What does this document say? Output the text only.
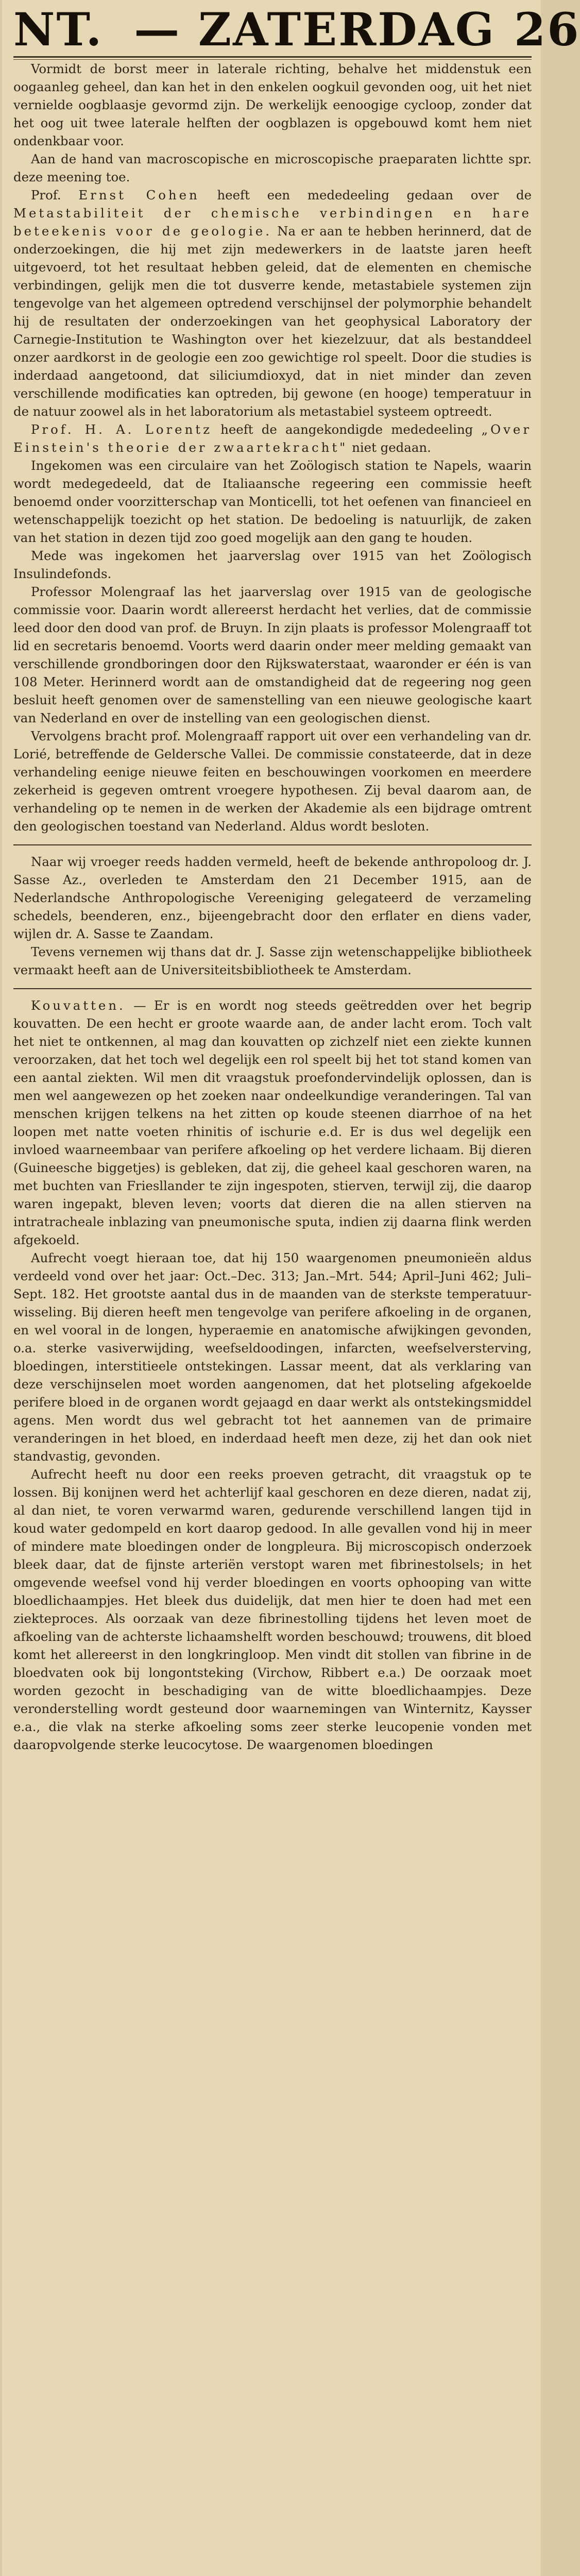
NT. — ZATERDAG 26

Vormidt de borst meer in laterale richting, behalve het middenstuk een oogaanleg geheel, dan kan het in den enkelen oogkuil gevonden oog, uit het niet vernielde oogblaasje gevormd zijn. De werkelijk eenoogige cycloop, zonder dat het oog uit twee laterale helften der oogblazen is opgebouwd komt hem niet ondenkbaar voor.

Aan de hand van macroscopische en microscopische praeparaten lichtte spr. deze meening toe.

Prof. Ernst Cohen heeft een mededeeling gedaan over de Metastabiliteit der chemische verbindingen en hare beteekenis voor de geologie. Na er aan te hebben herinnerd, dat de onderzoekingen, die hij met zijn medewerkers in de laatste jaren heeft uitgevoerd, tot het resultaat hebben geleid, dat de elementen en chemische verbindingen, gelijk men die tot dusverre kende, metastabiele systemen zijn tengevolge van het algemeen optredend verschijnsel der polymorphie behandelt hij de resultaten der onderzoekingen van het geophysical Laboratory der Carnegie-Institution te Washington over het kiezelzuur, dat als bestanddeel onzer aardkorst in de geologie een zoo gewichtige rol speelt. Door die studies is inderdaad aangetoond, dat siliciumdioxyd, dat in niet minder dan zeven verschillende modificaties kan optreden, bij gewone (en hooge) temperatuur in de natuur zoowel als in het laboratorium als metastabiel systeem optreedt.

Prof. H. A. Lorentz heeft de aangekondigde mededeeling „Over Einstein's theorie der zwaartekracht" niet gedaan.

Ingekomen was een circulaire van het Zoölogisch station te Napels, waarin wordt medegedeeld, dat de Italiaansche regeering een commissie heeft benoemd onder voorzitterschap van Monticelli, tot het oefenen van financieel en wetenschappelijk toezicht op het station. De bedoeling is natuurlijk, de zaken van het station in dezen tijd zoo goed mogelijk aan den gang te houden.

Mede was ingekomen het jaarverslag over 1915 van het Zoölogisch Insulindefonds.

Professor Molengraaf las het jaarverslag over 1915 van de geologische commissie voor. Daarin wordt allereerst herdacht het verlies, dat de commissie leed door den dood van prof. de Bruyn. In zijn plaats is professor Molengraaff tot lid en secretaris benoemd. Voorts werd daarin onder meer melding gemaakt van verschillende grondboringen door den Rijkswaterstaat, waaronder er één is van 108 Meter. Herinnerd wordt aan de omstandigheid dat de regeering nog geen besluit heeft genomen over de samenstelling van een nieuwe geologische kaart van Nederland en over de instelling van een geologischen dienst.

Vervolgens bracht prof. Molengraaff rapport uit over een verhandeling van dr. Lorié, betreffende de Geldersche Vallei. De commissie constateerde, dat in deze verhandeling eenige nieuwe feiten en beschouwingen voorkomen en meerdere zekerheid is gegeven omtrent vroegere hypothesen. Zij beval daarom aan, de verhandeling op te nemen in de werken der Akademie als een bijdrage omtrent den geologischen toestand van Nederland. Aldus wordt besloten.

Naar wij vroeger reeds hadden vermeld, heeft de bekende anthropoloog dr. J. Sasse Az., overleden te Amsterdam den 21 December 1915, aan de Nederlandsche Anthropologische Vereeniging gelegateerd de verzameling schedels, beenderen, enz., bijeengebracht door den erflater en diens vader, wijlen dr. A. Sasse te Zaandam.

Tevens vernemen wij thans dat dr. J. Sasse zijn wetenschappelijke bibliotheek vermaakt heeft aan de Universiteitsbibliotheek te Amsterdam.

Kouvatten. — Er is en wordt nog steeds geëtredden over het begrip kouvatten. De een hecht er groote waarde aan, de ander lacht erom. Toch valt het niet te ontkennen, al mag dan kouvatten op zichzelf niet een ziekte kunnen veroorzaken, dat het toch wel degelijk een rol speelt bij het tot stand komen van een aantal ziekten. Wil men dit vraagstuk proefondervindelijk oplossen, dan is men wel aangewezen op het zoeken naar ondeelkundige veranderingen. Tal van menschen krijgen telkens na het zitten op koude steenen diarrhoe of na het loopen met natte voeten rhinitis of ischurie e.d. Er is dus wel degelijk een invloed waarneembaar van perifere afkoeling op het verdere lichaam. Bij dieren (Guineesche biggetjes) is gebleken, dat zij, die geheel kaal geschoren waren, na met buchten van Friesllander te zijn ingespoten, stierven, terwijl zij, die daarop waren ingepakt, bleven leven; voorts dat dieren die na allen stierven na intratracheale inblazing van pneumonische sputa, indien zij daarna flink werden afgekoeld.

Aufrecht voegt hieraan toe, dat hij 150 waargenomen pneumonieën aldus verdeeld vond over het jaar: Oct.–Dec. 313; Jan.–Mrt. 544; April–Juni 462; Juli–Sept. 182. Het grootste aantal dus in de maanden van de sterkste temperatuur-wisseling. Bij dieren heeft men tengevolge van perifere afkoeling in de organen, en wel vooral in de longen, hyperaemie en anatomische afwijkingen gevonden, o.a. sterke vasiverwijding, weefseldoodingen, infarcten, weefselversterving, bloedingen, interstitieele ontstekingen. Lassar meent, dat als verklaring van deze verschijnselen moet worden aangenomen, dat het plotseling afgekoelde perifere bloed in de organen wordt gejaagd en daar werkt als ontstekingsmiddel agens. Men wordt dus wel gebracht tot het aannemen van de primaire veranderingen in het bloed, en inderdaad heeft men deze, zij het dan ook niet standvastig, gevonden.

Aufrecht heeft nu door een reeks proeven getracht, dit vraagstuk op te lossen. Bij konijnen werd het achterlijf kaal geschoren en deze dieren, nadat zij, al dan niet, te voren verwarmd waren, gedurende verschillend langen tijd in koud water gedompeld en kort daarop gedood. In alle gevallen vond hij in meer of mindere mate bloedingen onder de longpleura. Bij microscopisch onderzoek bleek daar, dat de fijnste arteriën verstopt waren met fibrinestolsels; in het omgevende weefsel vond hij verder bloedingen en voorts ophooping van witte bloedlichaampjes. Het bleek dus duidelijk, dat men hier te doen had met een ziekteproces. Als oorzaak van deze fibrinestolling tijdens het leven moet de afkoeling van de achterste lichaamshelft worden beschouwd; trouwens, dit bloed komt het allereerst in den longkringloop. Men vindt dit stollen van fibrine in de bloedvaten ook bij longontsteking (Virchow, Ribbert e.a.) De oorzaak moet worden gezocht in beschadiging van de witte bloedlichaampjes. Deze veronderstelling wordt gesteund door waarnemingen van Winternitz, Kaysser e.a., die vlak na sterke afkoeling soms zeer sterke leucopenie vonden met daaropvolgende sterke leucocytose. De waargenomen bloedingen
